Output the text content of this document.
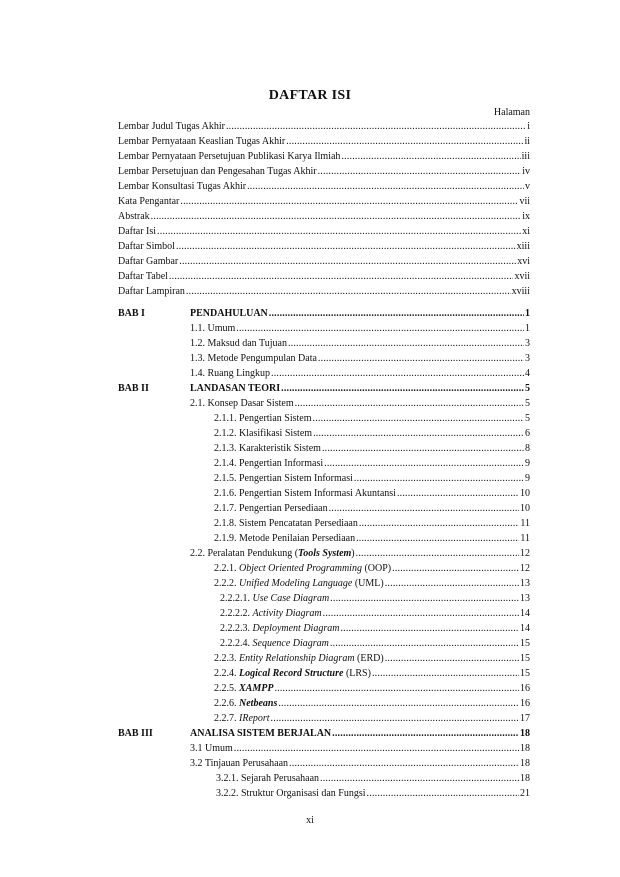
DAFTAR ISI
Halaman
Lembar Judul Tugas Akhir .....	i
Lembar Pernyataan Keaslian Tugas Akhir .....	ii
Lembar Pernyataan Persetujuan Publikasi Karya Ilmiah .....	iii
Lembar Persetujuan dan Pengesahan Tugas Akhir .....	iv
Lembar Konsultasi Tugas Akhir .....	v
Kata Pengantar .....	vii
Abstrak .....	ix
Daftar Isi .....	xi
Daftar Simbol .....	xiii
Daftar Gambar .....	xvi
Daftar Tabel .....	xvii
Daftar Lampiran .....	xviii
BAB I	PENDAHULUAN .....	1
1.1. Umum .....	1
1.2. Maksud dan Tujuan .....	3
1.3. Metode Pengumpulan Data .....	3
1.4. Ruang Lingkup .....	4
BAB II	LANDASAN TEORI .....	5
2.1. Konsep Dasar Sistem .....	5
2.1.1. Pengertian Sistem .....	5
2.1.2. Klasifikasi Sistem .....	6
2.1.3. Karakteristik Sistem .....	8
2.1.4. Pengertian Informasi .....	9
2.1.5. Pengertian Sistem Informasi .....	9
2.1.6. Pengertian Sistem Informasi Akuntansi .....	10
2.1.7. Pengertian Persediaan .....	10
2.1.8. Sistem Pencatatan Persediaan .....	11
2.1.9. Metode Penilaian Persediaan .....	11
2.2. Peralatan Pendukung (Tools System) .....	12
2.2.1. Object Oriented Programming (OOP) .....	12
2.2.2. Unified Modeling Language (UML) .....	13
2.2.2.1. Use Case Diagram .....	13
2.2.2.2. Activity Diagram .....	14
2.2.2.3. Deployment Diagram .....	14
2.2.2.4. Sequence Diagram .....	15
2.2.3. Entity Relationship Diagram (ERD) .....	15
2.2.4. Logical Record Structure (LRS) .....	15
2.2.5. XAMPP .....	16
2.2.6. Netbeans .....	16
2.2.7. IReport .....	17
BAB III	ANALISA SISTEM BERJALAN .....	18
3.1 Umum .....	18
3.2 Tinjauan Perusahaan .....	18
3.2.1. Sejarah Perusahaan .....	18
3.2.2. Struktur Organisasi dan Fungsi .....	21
xi
